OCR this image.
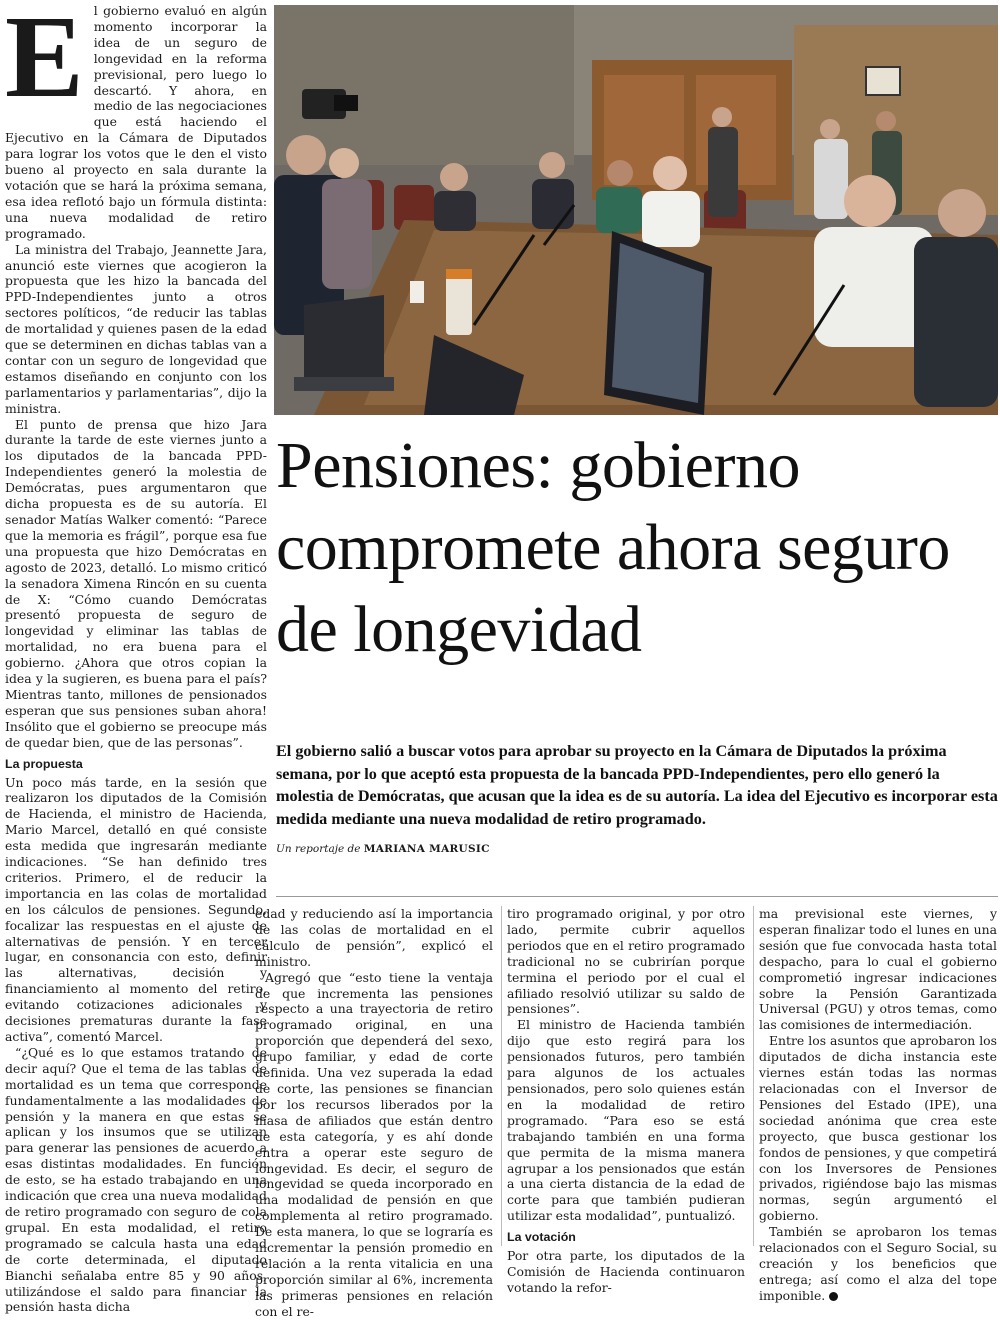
E l gobierno evaluó en algún momento incorporar la idea de un seguro de longevidad en la reforma previsional, pero luego lo descartó. Y ahora, en medio de las negociaciones que está haciendo el Ejecutivo en la Cámara de Diputados para lograr los votos que le den el visto bueno al proyecto en sala durante la votación que se hará la próxima semana, esa idea reflotó bajo un fórmula distinta: una nueva modalidad de retiro programado.

La ministra del Trabajo, Jeannette Jara, anunció este viernes que acogieron la propuesta que les hizo la bancada del PPD-Independientes junto a otros sectores políticos, “de reducir las tablas de mortalidad y quienes pasen de la edad que se determinen en dichas tablas van a contar con un seguro de longevidad que estamos diseñando en conjunto con los parlamentarios y parlamentarias”, dijo la ministra.

El punto de prensa que hizo Jara durante la tarde de este viernes junto a los diputados de la bancada PPD-Independientes generó la molestia de Demócratas, pues argumentaron que dicha propuesta es de su autoría. El senador Matías Walker comentó: “Parece que la memoria es frágil”, porque esa fue una propuesta que hizo Demócratas en agosto de 2023, detalló. Lo mismo criticó la senadora Ximena Rincón en su cuenta de X: “Cómo cuando Demócratas presentó propuesta de seguro de longevidad y eliminar las tablas de mortalidad, no era buena para el gobierno. ¿Ahora que otros copian la idea y la sugieren, es buena para el país? Mientras tanto, millones de pensionados esperan que sus pensiones suban ahora! Insólito que el gobierno se preocupe más de quedar bien, que de las personas”.

La propuesta

Un poco más tarde, en la sesión que realizaron los diputados de la Comisión de Hacienda, el ministro de Hacienda, Mario Marcel, detalló en qué consiste esta medida que ingresarán mediante indicaciones. “Se han definido tres criterios. Primero, el de reducir la importancia en las colas de mortalidad en los cálculos de pensiones. Segundo, focalizar las respuestas en el ajuste de alternativas de pensión. Y en tercer lugar, en consonancia con esto, definir las alternativas, decisión y financiamiento al momento del retiro, evitando cotizaciones adicionales y decisiones prematuras durante la fase activa”, comentó Marcel.

“¿Qué es lo que estamos tratando de decir aquí? Que el tema de las tablas de mortalidad es un tema que corresponde fundamentalmente a las modalidades de pensión y la manera en que estas se aplican y los insumos que se utilizan para generar las pensiones de acuerdo a esas distintas modalidades. En función de esto, se ha estado trabajando en una indicación que crea una nueva modalidad de retiro programado con seguro de cola grupal. En esta modalidad, el retiro programado se calcula hasta una edad de corte determinada, el diputado Bianchi señalaba entre 85 y 90 años, utilizándose el saldo para financiar la pensión hasta dicha

Pensiones: gobierno compromete ahora seguro de longevidad

El gobierno salió a buscar votos para aprobar su proyecto en la Cámara de Diputados la próxima semana, por lo que aceptó esta propuesta de la bancada PPD-Independientes, pero ello generó la molestia de Demócratas, que acusan que la idea es de su autoría. La idea del Ejecutivo es incorporar esta medida mediante una nueva modalidad de retiro programado.

Un reportaje de MARIANA MARUSIC

edad y reduciendo así la importancia de las colas de mortalidad en el cálculo de pensión”, explicó el ministro.

Agregó que “esto tiene la ventaja de que incrementa las pensiones respecto a una trayectoria de retiro programado original, en una proporción que dependerá del sexo, grupo familiar, y edad de corte definida. Una vez superada la edad de corte, las pensiones se financian por los recursos liberados por la masa de afiliados que están dentro de esta categoría, y es ahí donde entra a operar este seguro de longevidad. Es decir, el seguro de longevidad se queda incorporado en una modalidad de pensión en que complementa al retiro programado. De esta manera, lo que se lograría es incrementar la pensión promedio en relación a la renta vitalicia en una proporción similar al 6%, incrementa las primeras pensiones en relación con el re-

tiro programado original, y por otro lado, permite cubrir aquellos periodos que en el retiro programado tradicional no se cubrirían porque termina el periodo por el cual el afiliado resolvió utilizar su saldo de pensiones”.

El ministro de Hacienda también dijo que esto regirá para los pensionados futuros, pero también para algunos de los actuales pensionados, pero solo quienes están en la modalidad de retiro programado. “Para eso se está trabajando también en una forma que permita de la misma manera agrupar a los pensionados que están a una cierta distancia de la edad de corte para que también pudieran utilizar esta modalidad”, puntualizó.

La votación

Por otra parte, los diputados de la Comisión de Hacienda continuaron votando la refor-

ma previsional este viernes, y esperan finalizar todo el lunes en una sesión que fue convocada hasta total despacho, para lo cual el gobierno comprometió ingresar indicaciones sobre la Pensión Garantizada Universal (PGU) y otros temas, como las comisiones de intermediación.

Entre los asuntos que aprobaron los diputados de dicha instancia este viernes están todas las normas relacionadas con el Inversor de Pensiones del Estado (IPE), una sociedad anónima que crea este proyecto, que busca gestionar los fondos de pensiones, y que competirá con los Inversores de Pensiones privados, rigiéndose bajo las mismas normas, según argumentó el gobierno.

También se aprobaron los temas relacionados con el Seguro Social, su creación y los beneficios que entrega; así como el alza del tope imponible. P
